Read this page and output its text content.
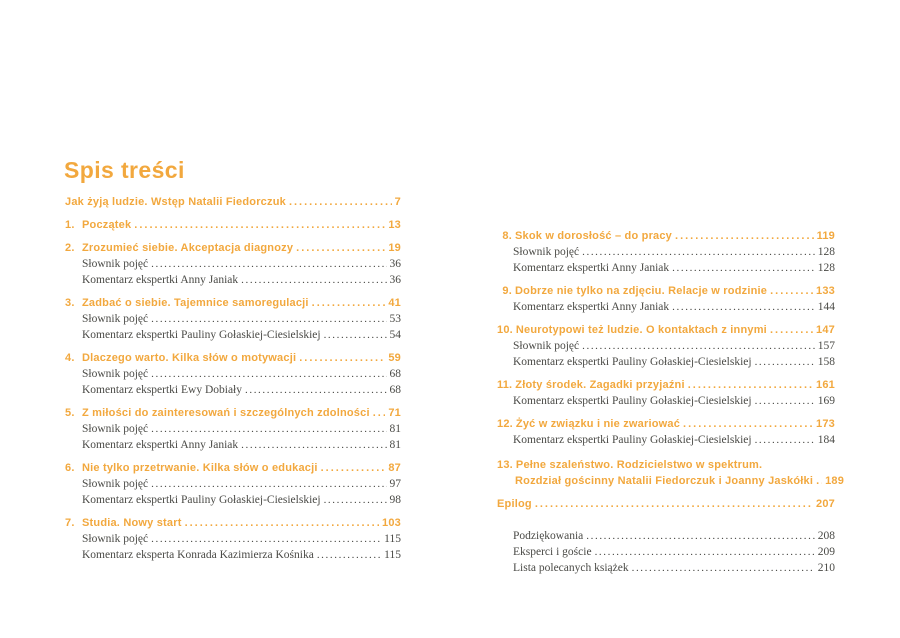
Spis treści
Jak żyją ludzie. Wstęp Natalii Fiedorczuk .....	7
1. Początek .....	13
2. Zrozumieć siebie. Akceptacja diagnozy .....	19
Słownik pojęć .....	36
Komentarz ekspertki Anny Janiak .....	36
3. Zadbać o siebie. Tajemnice samoregulacji .....	41
Słownik pojęć .....	53
Komentarz ekspertki Pauliny Gołaskiej-Ciesielskiej .....	54
4. Dlaczego warto. Kilka słów o motywacji .....	59
Słownik pojęć .....	68
Komentarz ekspertki Ewy Dobiały .....	68
5. Z miłości do zainteresowań i szczególnych zdolności ..... 71
Słownik pojęć .....	81
Komentarz ekspertki Anny Janiak .....	81
6. Nie tylko przetrwanie. Kilka słów o edukacji .....	87
Słownik pojęć .....	97
Komentarz ekspertki Pauliny Gołaskiej-Ciesielskiej .....	98
7. Studia. Nowy start .....	103
Słownik pojęć .....	115
Komentarz eksperta Konrada Kazimierza Kośnika .....	115
8. Skok w dorosłość – do pracy .....	119
Słownik pojęć .....	128
Komentarz ekspertki Anny Janiak .....	128
9. Dobrze nie tylko na zdjęciu. Relacje w rodzinie .....	133
Komentarz ekspertki Anny Janiak .....	144
10. Neurotypowi też ludzie. O kontaktach z innymi .....	147
Słownik pojęć .....	157
Komentarz ekspertki Pauliny Gołaskiej-Ciesielskiej .....	158
11. Złoty środek. Zagadki przyjaźni .....	161
Komentarz ekspertki Pauliny Gołaskiej-Ciesielskiej .....	169
12. Żyć w związku i nie zwariować .....	173
Komentarz ekspertki Pauliny Gołaskiej-Ciesielskiej .....	184
13. Pełne szaleństwo. Rodzicielstwo w spektrum.
Rozdział gościnny Natalii Fiedorczuk i Joanny Jaskółki ..... 189
Epilog .....	207
Podziękowania .....	208
Eksperci i goście .....	209
Lista polecanych książek .....	210
